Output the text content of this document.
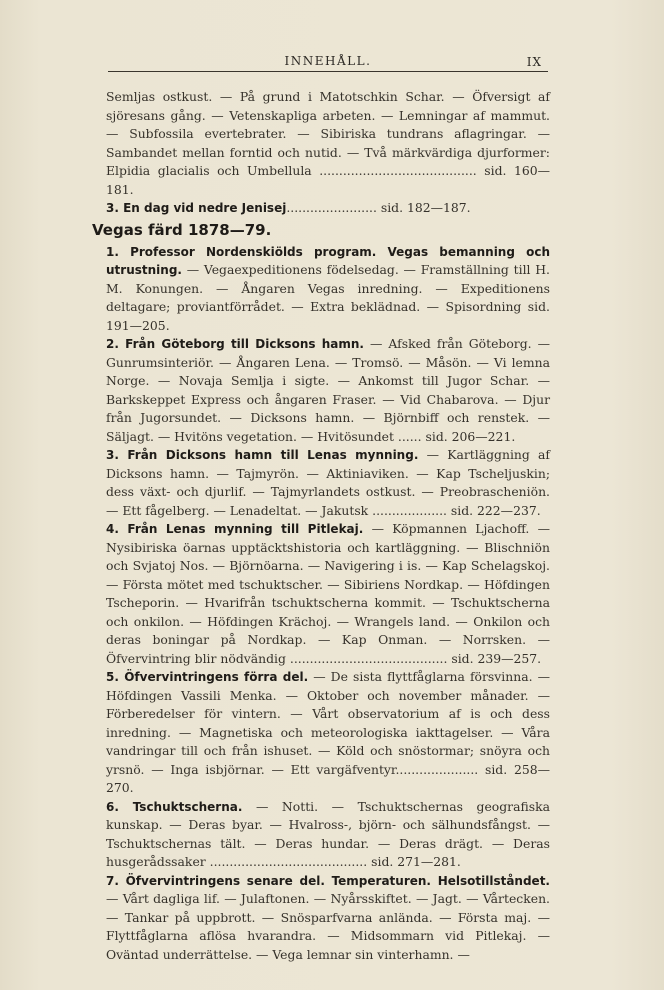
INNEHÅLL.	IX

Semljas ostkust. — På grund i Matotschkin Schar. — Öfversigt af sjöresans gång. — Vetenskapliga arbeten. — Lemningar af mammut. — Subfossila evertebrater. — Sibiriska tundrans aflagringar. — Sambandet mellan forntid och nutid. — Två märkvärdiga djurformer: Elpidia glacialis och Umbellula ........................................ sid. 160—181.
3. En dag vid nedre Jenisej....................... sid. 182—187.

Vegas färd 1878—79.

1. Professor Nordenskiölds program. Vegas bemanning och utrustning. — Vegaexpeditionens födelsedag. — Framställning till H. M. Konungen. — Ångaren Vegas inredning. — Expeditionens deltagare; proviantförrådet. — Extra beklädnad. — Spisordning sid. 191—205.
2. Från Göteborg till Dicksons hamn. — Afsked från Göteborg. — Gunrumsinteriör. — Ångaren Lena. — Tromsö. — Måsön. — Vi lemna Norge. — Novaja Semlja i sigte. — Ankomst till Jugor Schar. — Barkskeppet Express och ångaren Fraser. — Vid Chabarova. — Djur från Jugorsundet. — Dicksons hamn. — Björnbiff och renstek. — Säljagt. — Hvitöns vegetation. — Hvitösundet ...... sid. 206—221.
3. Från Dicksons hamn till Lenas mynning. — Kartläggning af Dicksons hamn. — Tajmyrön. — Aktiniaviken. — Kap Tscheljuskin; dess växt- och djurlif. — Tajmyrlandets ostkust. — Preobrascheniön. — Ett fågelberg. — Lenadeltat. — Jakutsk ................... sid. 222—237.
4. Från Lenas mynning till Pitlekaj. — Köpmannen Ljachoff. — Nysibiriska öarnas upptäcktshistoria och kartläggning. — Blischniön och Svjatoj Nos. — Björnöarna. — Navigering i is. — Kap Schelagskoj. — Första mötet med tschuktscher. — Sibiriens Nordkap. — Höfdingen Tscheporin. — Hvarifrån tschuktscherna kommit. — Tschuktscherna och onkilon. — Höfdingen Krächoj. — Wrangels land. — Onkilon och deras boningar på Nordkap. — Kap Onman. — Norrsken. — Öfvervintring blir nödvändig ........................................ sid. 239—257.
5. Öfvervintringens förra del. — De sista flyttfåglarna försvinna. — Höfdingen Vassili Menka. — Oktober och november månader. — Förberedelser för vintern. — Vårt observatorium af is och dess inredning. — Magnetiska och meteorologiska iakttagelser. — Våra vandringar till och från ishuset. — Köld och snöstormar; snöyra och yrsnö. — Inga isbjörnar. — Ett vargäfventyr..................... sid. 258—270.
6. Tschuktscherna. — Notti. — Tschuktschernas geografiska kunskap. — Deras byar. — Hvalross-, björn- och sälhundsfångst. — Tschuktschernas tält. — Deras hundar. — Deras drägt. — Deras husgerådssaker ........................................ sid. 271—281.
7. Öfvervintringens senare del. Temperaturen. Helsotillståndet. — Vårt dagliga lif. — Julaftonen. — Nyårsskiftet. — Jagt. — Vårtecken. — Tankar på uppbrott. — Snösparfvarna anlända. — Första maj. — Flyttfåglarna aflösa hvarandra. — Midsommarn vid Pitlekaj. — Oväntad underrättelse. — Vega lemnar sin vinterhamn. —
